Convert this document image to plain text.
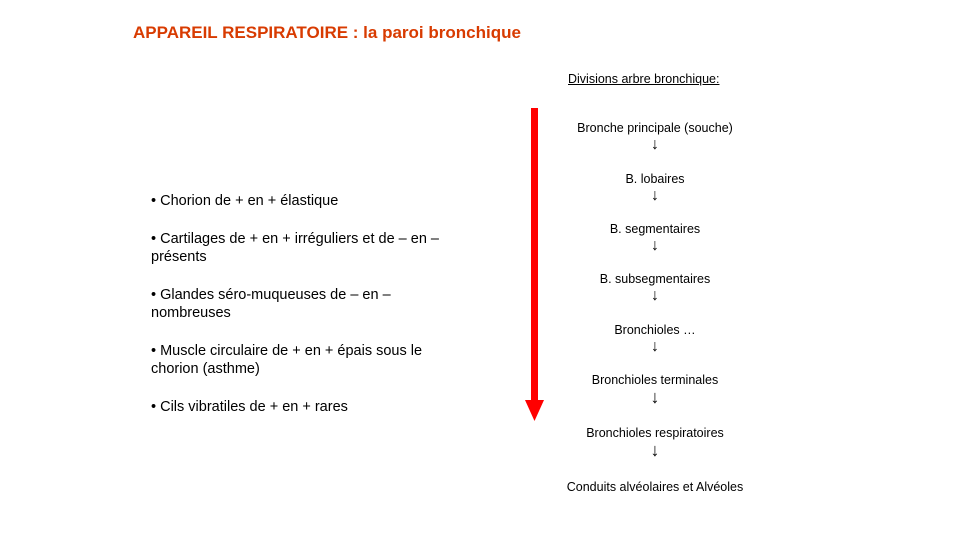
APPAREIL RESPIRATOIRE : la paroi bronchique

• Chorion de + en + élastique

• Cartilages de + en + irréguliers et de – en – présents

• Glandes séro-muqueuses de – en – nombreuses

• Muscle circulaire de + en + épais sous le chorion (asthme)

• Cils vibratiles de + en + rares

Divisions arbre bronchique:
Bronche principale (souche)
↓
B. lobaires
↓
B. segmentaires
↓
B. subsegmentaires
↓
Bronchioles …
↓
Bronchioles terminales
↓
Bronchioles respiratoires
↓
Conduits alvéolaires et Alvéoles
